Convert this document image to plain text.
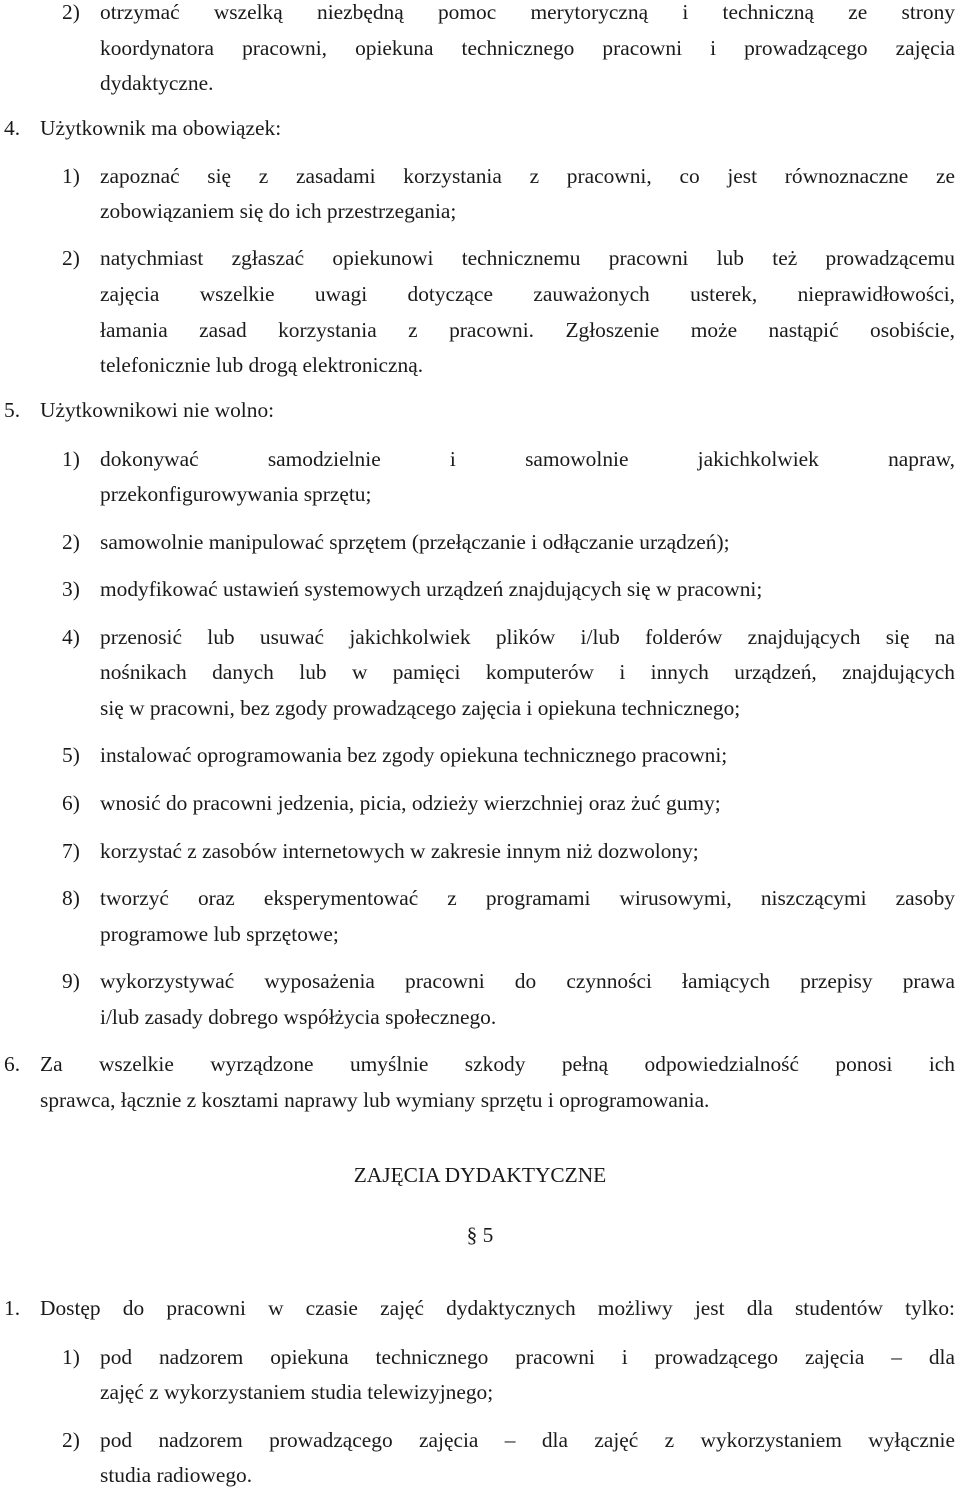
2) otrzymać wszelką niezbędną pomoc merytoryczną i techniczną ze strony
koordynatora pracowni, opiekuna technicznego pracowni i prowadzącego zajęcia
dydaktyczne.
4. Użytkownik ma obowiązek:
1) zapoznać się z zasadami korzystania z pracowni, co jest równoznaczne ze
zobowiązaniem się do ich przestrzegania;
2) natychmiast zgłaszać opiekunowi technicznemu pracowni lub też prowadzącemu
zajęcia wszelkie uwagi dotyczące zauważonych usterek, nieprawidłowości,
łamania zasad korzystania z pracowni. Zgłoszenie może nastąpić osobiście,
telefonicznie lub drogą elektroniczną.
5. Użytkownikowi nie wolno:
1) dokonywać samodzielnie i samowolnie jakichkolwiek napraw,
przekonfigurowywania sprzętu;
2) samowolnie manipulować sprzętem (przełączanie i odłączanie urządzeń);
3) modyfikować ustawień systemowych urządzeń znajdujących się w pracowni;
4) przenosić lub usuwać jakichkolwiek plików i/lub folderów znajdujących się na
nośnikach danych lub w pamięci komputerów i innych urządzeń, znajdujących
się w pracowni, bez zgody prowadzącego zajęcia i opiekuna technicznego;
5) instalować oprogramowania bez zgody opiekuna technicznego pracowni;
6) wnosić do pracowni jedzenia, picia, odzieży wierzchniej oraz żuć gumy;
7) korzystać z zasobów internetowych w zakresie innym niż dozwolony;
8) tworzyć oraz eksperymentować z programami wirusowymi, niszczącymi zasoby
programowe lub sprzętowe;
9) wykorzystywać wyposażenia pracowni do czynności łamiących przepisy prawa
i/lub zasady dobrego współżycia społecznego.
6. Za wszelkie wyrządzone umyślnie szkody pełną odpowiedzialność ponosi ich
sprawca, łącznie z kosztami naprawy lub wymiany sprzętu i oprogramowania.
ZAJĘCIA DYDAKTYCZNE
§ 5
1. Dostęp do pracowni w czasie zajęć dydaktycznych możliwy jest dla studentów tylko:
1) pod nadzorem opiekuna technicznego pracowni i prowadzącego zajęcia – dla
zajęć z wykorzystaniem studia telewizyjnego;
2) pod nadzorem prowadzącego zajęcia – dla zajęć z wykorzystaniem wyłącznie
studia radiowego.
